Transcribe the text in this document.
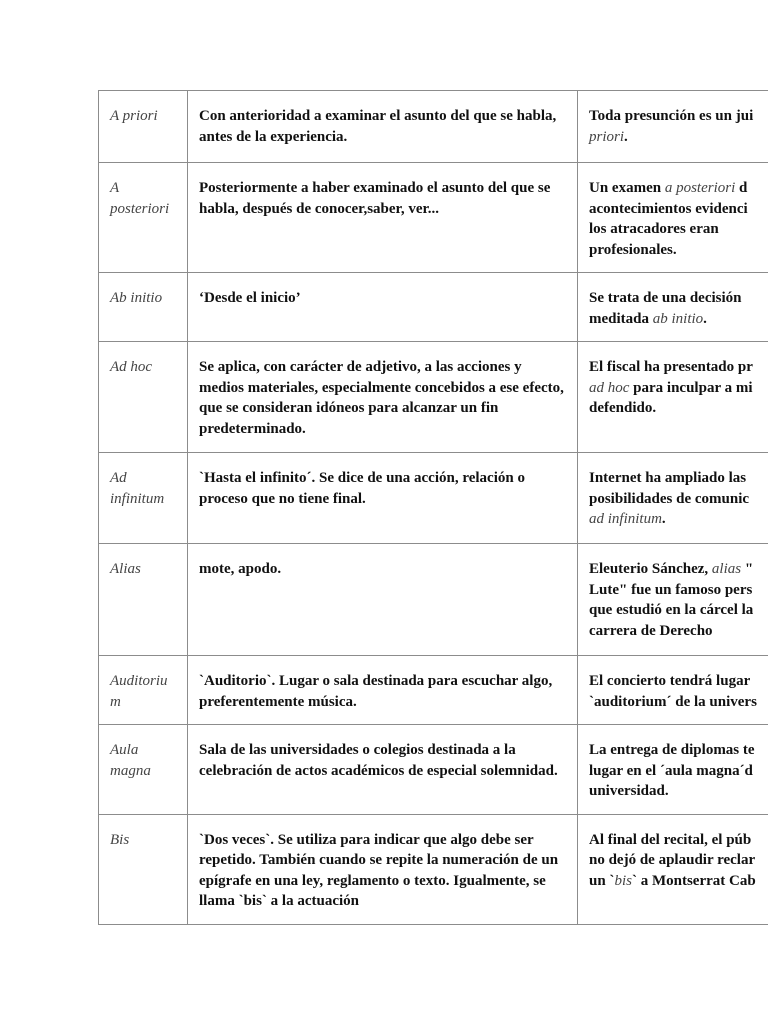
A priori	Con anterioridad a examinar el asunto del que se habla, antes de la experiencia.	Toda presunción es un jui
priori.
A posteriori	Posteriormente a haber examinado el asunto del que se habla, después de conocer,saber, ver...	Un examen a posteriori d
acontecimientos evidenci
los atracadores eran
profesionales.
Ab initio	‘Desde el inicio’	Se trata de una decisión
meditada ab initio.
Ad hoc	Se aplica, con carácter de adjetivo, a las acciones y medios materiales, especialmente concebidos a ese efecto, que se consideran idóneos para alcanzar un fin predeterminado.	El fiscal ha presentado pr
ad hoc para inculpar a mi
defendido.
Ad infinitum	`Hasta el infinito´. Se dice de una acción, relación o proceso que no tiene final.	Internet ha ampliado las
posibilidades de comunic
ad infinitum.
Alias	mote, apodo.	Eleuterio Sánchez, alias "
Lute" fue un famoso pers
que estudió en la cárcel la
carrera de Derecho
Auditorium	`Auditorio`. Lugar o sala destinada para escuchar algo, preferentemente música.	El concierto tendrá lugar
`auditorium´ de la univers
Aula magna	Sala de las universidades o colegios destinada a la celebración de actos académicos de especial solemnidad.	La entrega de diplomas te
lugar en el ´aula magna´d
universidad.
Bis	`Dos veces`. Se utiliza para indicar que algo debe ser repetido. También cuando se repite la numeración de un epígrafe en una ley, reglamento o texto. Igualmente, se llama `bis` a la actuación	Al final del recital, el púb
no dejó de aplaudir reclar
un `bis` a Montserrat Cab
